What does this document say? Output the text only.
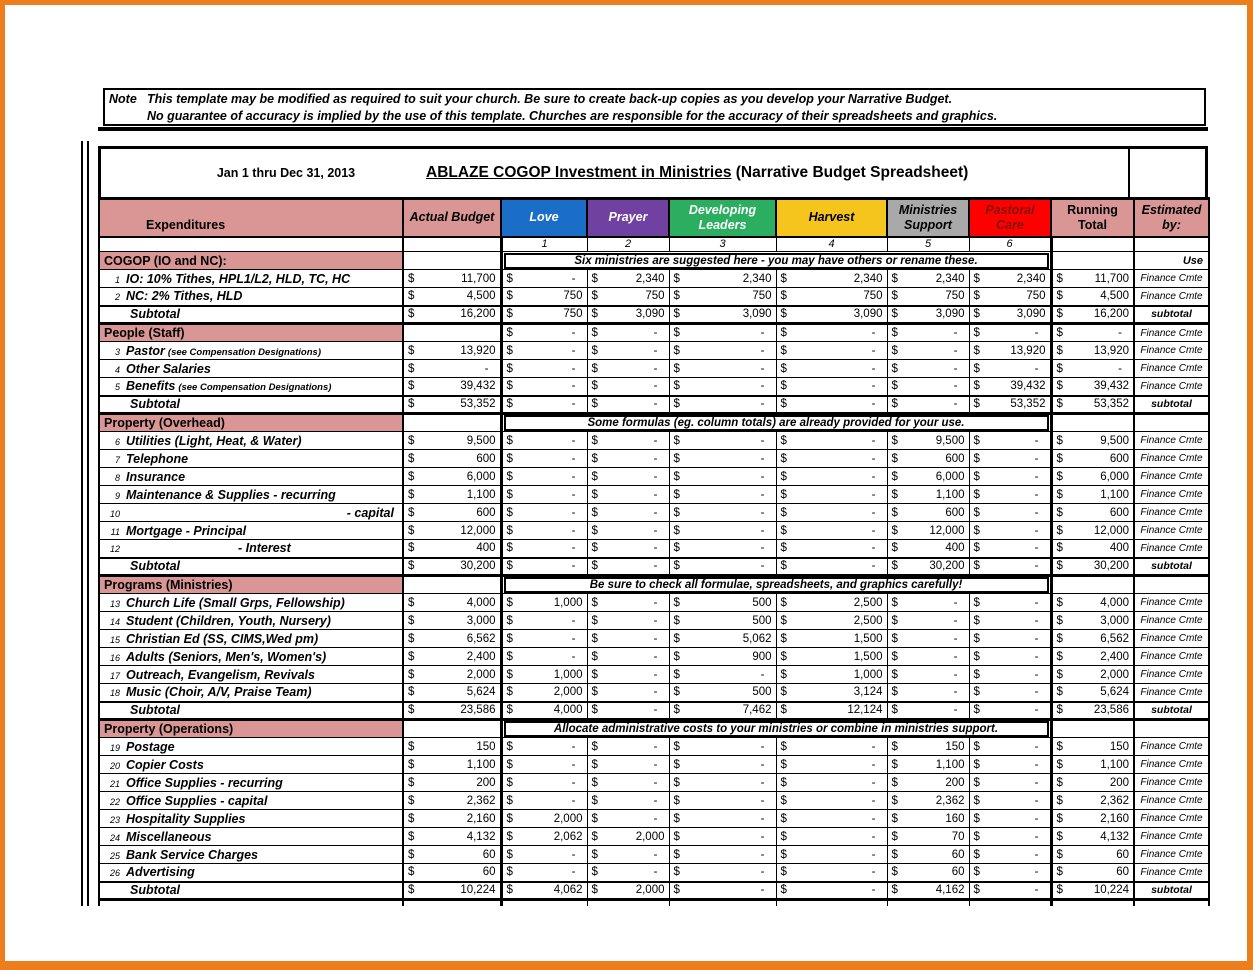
Note This template may be modified as required to suit your church. Be sure to create back-up copies as you develop your Narrative Budget.
No guarantee of accuracy is implied by the use of this template. Churches are responsible for the accuracy of their spreadsheets and graphics.
Jan 1 thru Dec 31, 2013	ABLAZE COGOP Investment in Ministries (Narrative Budget Spreadsheet)
Expenditures	Actual Budget	Love	Prayer	Developing Leaders	Harvest	Ministries Support	Pastoral Care	Running Total	Estimated by:
		1	2	3	4	5	6		
COGOP (IO and NC):		Six ministries are suggested here - you may have others or rename these.							Use

1 IO: 10% Tithes, HPL1/L2, HLD, TC, HC	$ 11,700	$ -	$ 2,340	$ 2,340	$ 2,340	$ 2,340	$ 2,340	$ 11,700	Finance Cmte

2 NC: 2% Tithes, HLD	$ 4,500	$ 750	$ 750	$ 750	$ 750	$ 750	$ 750	$ 4,500	Finance Cmte

Subtotal	$ 16,200	$ 750	$ 3,090	$ 3,090	$ 3,090	$ 3,090	$ 3,090	$ 16,200	subtotal
People (Staff)		$ -	$ -	$ -	$ -	$ -	$ -	$ -	Finance Cmte

3 Pastor (see Compensation Designations)	$ 13,920	$ -	$ -	$ -	$ -	$ -	$ 13,920	$ 13,920	Finance Cmte

4 Other Salaries	$ -	$ -	$ -	$ -	$ -	$ -	$ -	$ -	Finance Cmte

5 Benefits (see Compensation Designations)	$ 39,432	$ -	$ -	$ -	$ -	$ -	$ 39,432	$ 39,432	Finance Cmte

Subtotal	$ 53,352	$ -	$ -	$ -	$ -	$ -	$ 53,352	$ 53,352	subtotal
Property (Overhead)		Some formulas (eg. column totals) are already provided for your use.							

6 Utilities (Light, Heat, & Water)	$ 9,500	$ -	$ -	$ -	$ -	$ 9,500	$ -	$ 9,500	Finance Cmte

7 Telephone	$ 600	$ -	$ -	$ -	$ -	$ 600	$ -	$ 600	Finance Cmte

8 Insurance	$ 6,000	$ -	$ -	$ -	$ -	$ 6,000	$ -	$ 6,000	Finance Cmte

9 Maintenance & Supplies - recurring	$ 1,100	$ -	$ -	$ -	$ -	$ 1,100	$ -	$ 1,100	Finance Cmte

10 - capital	$ 600	$ -	$ -	$ -	$ -	$ 600	$ -	$ 600	Finance Cmte

11 Mortgage - Principal	$ 12,000	$ -	$ -	$ -	$ -	$ 12,000	$ -	$ 12,000	Finance Cmte

12 - Interest	$ 400	$ -	$ -	$ -	$ -	$ 400	$ -	$ 400	Finance Cmte

Subtotal	$ 30,200	$ -	$ -	$ -	$ -	$ 30,200	$ -	$ 30,200	subtotal
Programs (Ministries)		Be sure to check all formulae, spreadsheets, and graphics carefully!							

13 Church Life (Small Grps, Fellowship)	$ 4,000	$ 1,000	$ -	$ 500	$ 2,500	$ -	$ -	$ 4,000	Finance Cmte

14 Student (Children, Youth, Nursery)	$ 3,000	$ -	$ -	$ 500	$ 2,500	$ -	$ -	$ 3,000	Finance Cmte

15 Christian Ed (SS, CIMS,Wed pm)	$ 6,562	$ -	$ -	$ 5,062	$ 1,500	$ -	$ -	$ 6,562	Finance Cmte

16 Adults (Seniors, Men's, Women's)	$ 2,400	$ -	$ -	$ 900	$ 1,500	$ -	$ -	$ 2,400	Finance Cmte

17 Outreach, Evangelism, Revivals	$ 2,000	$ 1,000	$ -	$ -	$ 1,000	$ -	$ -	$ 2,000	Finance Cmte

18 Music (Choir, A/V, Praise Team)	$ 5,624	$ 2,000	$ -	$ 500	$ 3,124	$ -	$ -	$ 5,624	Finance Cmte

Subtotal	$ 23,586	$ 4,000	$ -	$ 7,462	$ 12,124	$ -	$ -	$ 23,586	subtotal
Property (Operations)		Allocate administrative costs to your ministries or combine in ministries support.							

19 Postage	$ 150	$ -	$ -	$ -	$ -	$ 150	$ -	$ 150	Finance Cmte

20 Copier Costs	$ 1,100	$ -	$ -	$ -	$ -	$ 1,100	$ -	$ 1,100	Finance Cmte

21 Office Supplies - recurring	$ 200	$ -	$ -	$ -	$ -	$ 200	$ -	$ 200	Finance Cmte

22 Office Supplies - capital	$ 2,362	$ -	$ -	$ -	$ -	$ 2,362	$ -	$ 2,362	Finance Cmte

23 Hospitality Supplies	$ 2,160	$ 2,000	$ -	$ -	$ -	$ 160	$ -	$ 2,160	Finance Cmte

24 Miscellaneous	$ 4,132	$ 2,062	$ 2,000	$ -	$ -	$ 70	$ -	$ 4,132	Finance Cmte

25 Bank Service Charges	$ 60	$ -	$ -	$ -	$ -	$ 60	$ -	$ 60	Finance Cmte

26 Advertising	$ 60	$ -	$ -	$ -	$ -	$ 60	$ -	$ 60	Finance Cmte

Subtotal	$ 10,224	$ 4,062	$ 2,000	$ -	$ -	$ 4,162	$ -	$ 10,224	subtotal
